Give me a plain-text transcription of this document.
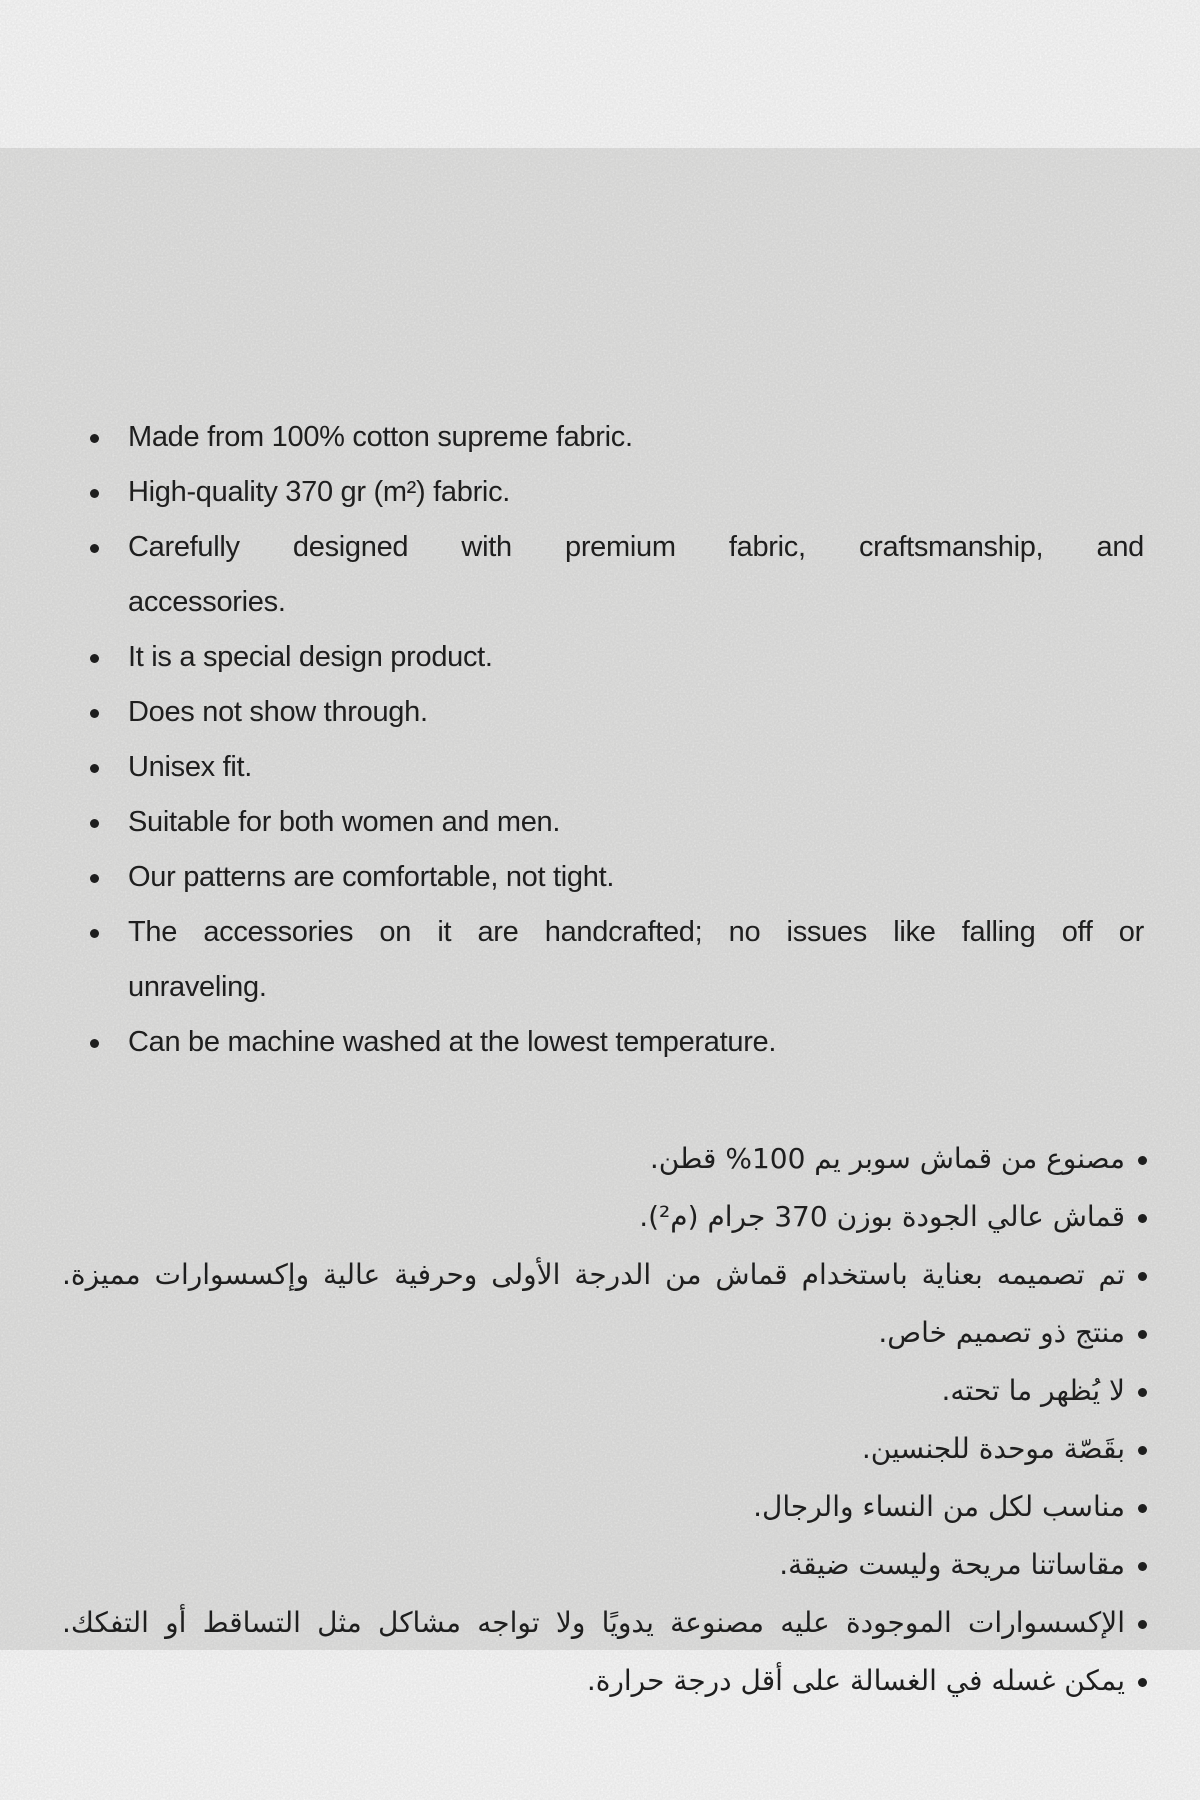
Made from 100% cotton supreme fabric.
High-quality 370 gr (m²) fabric.
Carefully designed with premium fabric, craftsmanship, and
accessories.
It is a special design product.
Does not show through.
Unisex fit.
Suitable for both women and men.
Our patterns are comfortable, not tight.
The accessories on it are handcrafted; no issues like falling off or
unraveling.
Can be machine washed at the lowest temperature.
مصنوع من قماش سوبر يم 100% قطن.
قماش عالي الجودة بوزن 370 جرام (م²).
تم تصميمه بعناية باستخدام قماش من الدرجة الأولى وحرفية عالية وإكسسوارات مميزة.
منتج ذو تصميم خاص.
لا يُظهر ما تحته.
بقَصّة موحدة للجنسين.
مناسب لكل من النساء والرجال.
مقاساتنا مريحة وليست ضيقة.
الإكسسوارات الموجودة عليه مصنوعة يدويًا ولا تواجه مشاكل مثل التساقط أو التفكك.
يمكن غسله في الغسالة على أقل درجة حرارة.
